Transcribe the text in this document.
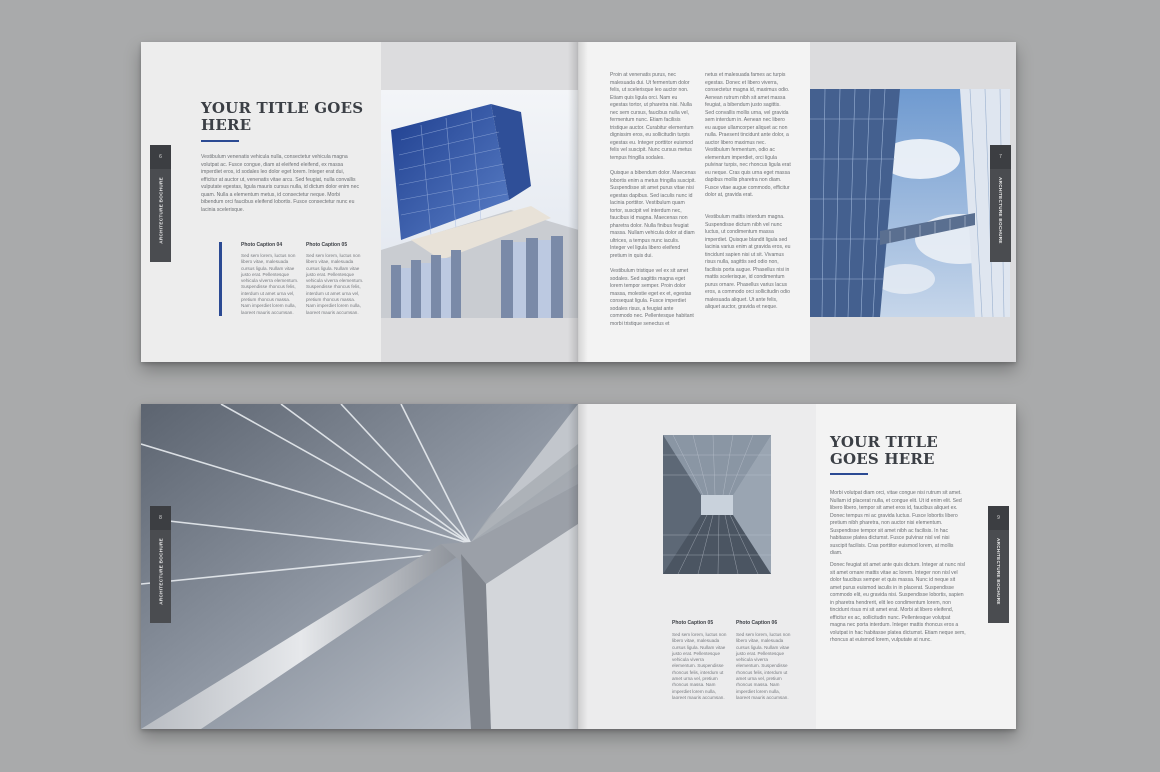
YOUR TITLE GOES
HERE

Vestibulum venenatis vehicula nulla, consectetur vehicula magna volutpat ac. Fusce congue, diam at eleifend eleifend, ex massa imperdiet eros, id sodales leo dolor eget lorem. Integer erat dui, efficitur at auctor ut, venenatis vitae arcu. Sed feugiat, nulla convallis vulputate egestas, ligula mauris cursus nulla, id dictum dolor enim nec quam. Nulla a elementum metus, id consectetur neque. Morbi bibendum orci faucibus eleifend lobortis. Fusce consectetur nunc eu lacinia scelerisque.

Photo Caption 04

Sed sem lorem, luctus non libero vitae, malesuada cursus ligula. Nullam vitae justo erat. Pellentesque vehicula viverra elementum. Suspendisse rhoncus felis, interdum ut amet urna vel, pretium rhoncus massa. Nam imperdiet lorem nulla, laoreet mauris accumsan.

Photo Caption 05

Sed sem lorem, luctus non libero vitae, malesuada cursus ligula. Nullam vitae justo erat. Pellentesque vehicula viverra elementum. Suspendisse rhoncus felis, interdum ut amet urna vel, pretium rhoncus massa. Nam imperdiet lorem nulla, laoreet mauris accumsan.

6
ARCHITECTURE BOCHURE

Proin at venenatis purus, nec malesuada dui. Ut fermentum dolor felis, ut scelerisque leo auctor non. Etiam quis ligula orci. Nam eu egestas tortor, ut pharetra nisi. Nulla nec sem cursus, faucibus nulla vel, fermentum nunc. Etiam facilisis tristique auctor. Curabitur elementum dignissim eros, eu sollicitudin turpis egestas eu. Integer porttitor euismod felis vel suscipit. Nunc cursus metus tempus fringilla sodales.

Quisque a bibendum dolor. Maecenas lobortis enim a metus fringilla suscipit. Suspendisse sit amet purus vitae nisi egestas dapibus. Sed iaculis nunc id lacinia porttitor. Vestibulum quam tortor, suscipit vel interdum nec, faucibus id magna. Maecenas non pharetra dolor. Nulla finibus feugiat massa. Nullam vehicula dolor at diam ultrices, a tempus nunc iaculis. Integer vel ligula libero eleifend pretium in quis dui.

Vestibulum tristique vel ex sit amet sodales. Sed sagittis magna eget lorem tempor semper. Proin dolor massa, molestie eget ex et, egestas consequat ligula. Fusce imperdiet sodales risus, a feugiat ante commodo nec. Pellentesque habitant morbi tristique senectus et

netus et malesuada fames ac turpis egestas. Donec et libero viverra, consectetur magna id, maximus odio. Aenean rutrum nibh sit amet massa feugiat, a bibendum justo sagittis. Sed convallis mollis urna, vel gravida sem interdum in. Aenean nec libero eu augue ullamcorper aliquet ac non nulla. Praesent tincidunt ante dolor, a auctor libero maximus nec. Vestibulum fermentum, odio ac elementum imperdiet, orci ligula pulvinar turpis, nec rhoncus ligula erat eu neque. Cras quis urna eget massa dapibus mollis pharetra non diam. Fusce vitae augue commodo, efficitur dolor at, gravida erat.

Vestibulum mattis interdum magna. Suspendisse dictum nibh vel nunc luctus, ut condimentum massa imperdiet. Quisque blandit ligula sed lacinia varius enim at gravida eros, eu tincidunt sapien nisi ut sit. Vivamus risus nulla, sagittis sed odio non, facilisis porta augue. Phasellus nisi in mattis scelerisque, id condimentum purus ornare. Phasellus varius lacus eros, a commodo orci sollicitudin odio malesuada aliquet. Ut ante felis, aliquet auctor, gravida et neque.

7
ARCHITECTURE BOCHURE
8
ARCHITECTURE BOCHURE

Photo Caption 05

Sed sem lorem, luctus non libero vitae, malesuada cursus ligula. Nullam vitae justo erat. Pellentesque vehicula viverra elementum. Suspendisse rhoncus felis, interdum ut amet urna vel, pretium rhoncus massa. Nam imperdiet lorem nulla, laoreet mauris accumsan.

Photo Caption 06

Sed sem lorem, luctus non libero vitae, malesuada cursus ligula. Nullam vitae justo erat. Pellentesque vehicula viverra elementum. Suspendisse rhoncus felis, interdum ut amet urna vel, pretium rhoncus massa. Nam imperdiet lorem nulla, laoreet mauris accumsan.

YOUR TITLE
GOES HERE

Morbi volutpat diam orci, vitae congue nisi rutrum sit amet. Nullam id placerat nulla, et congue elit. Ut id enim elit. Sed libero libero, tempor sit amet eros id, faucibus aliquet ex. Donec tempus mi ac gravida luctus. Fusce lobortis libero pretium nibh pharetra, non auctor nisi elementum. Suspendisse tempor sit amet nibh ac facilisis. In hac habitasse platea dictumst. Fusce pulvinar nisl vel nisi suscipit facilisis. Cras porttitor euismod lorem, at mollis diam.

Donec feugiat sit amet ante quis dictum. Integer at nunc nisl sit amet ornare mattis vitae ac lorem. Integer non nisl vel dolor faucibus semper et quis massa. Nunc id neque sit amet purus euismod iaculis in in placerat. Suspendisse commodo elit, eu gravida nisi. Suspendisse lobortis, sapien in pharetra hendrerit, elit leo condimentum lorem, non tincidunt risus mi sit amet erat. Morbi at libero eleifend, efficitur ex ac, sollicitudin nunc. Pellentesque volutpat magna nec porta interdum. Integer mattis rhoncus eros a volutpat in hac habitasse platea dictumst. Etiam neque sem, rhoncus at euismod lorem, vulputate at nunc.

9
ARCHITECTURE BOCHURE
